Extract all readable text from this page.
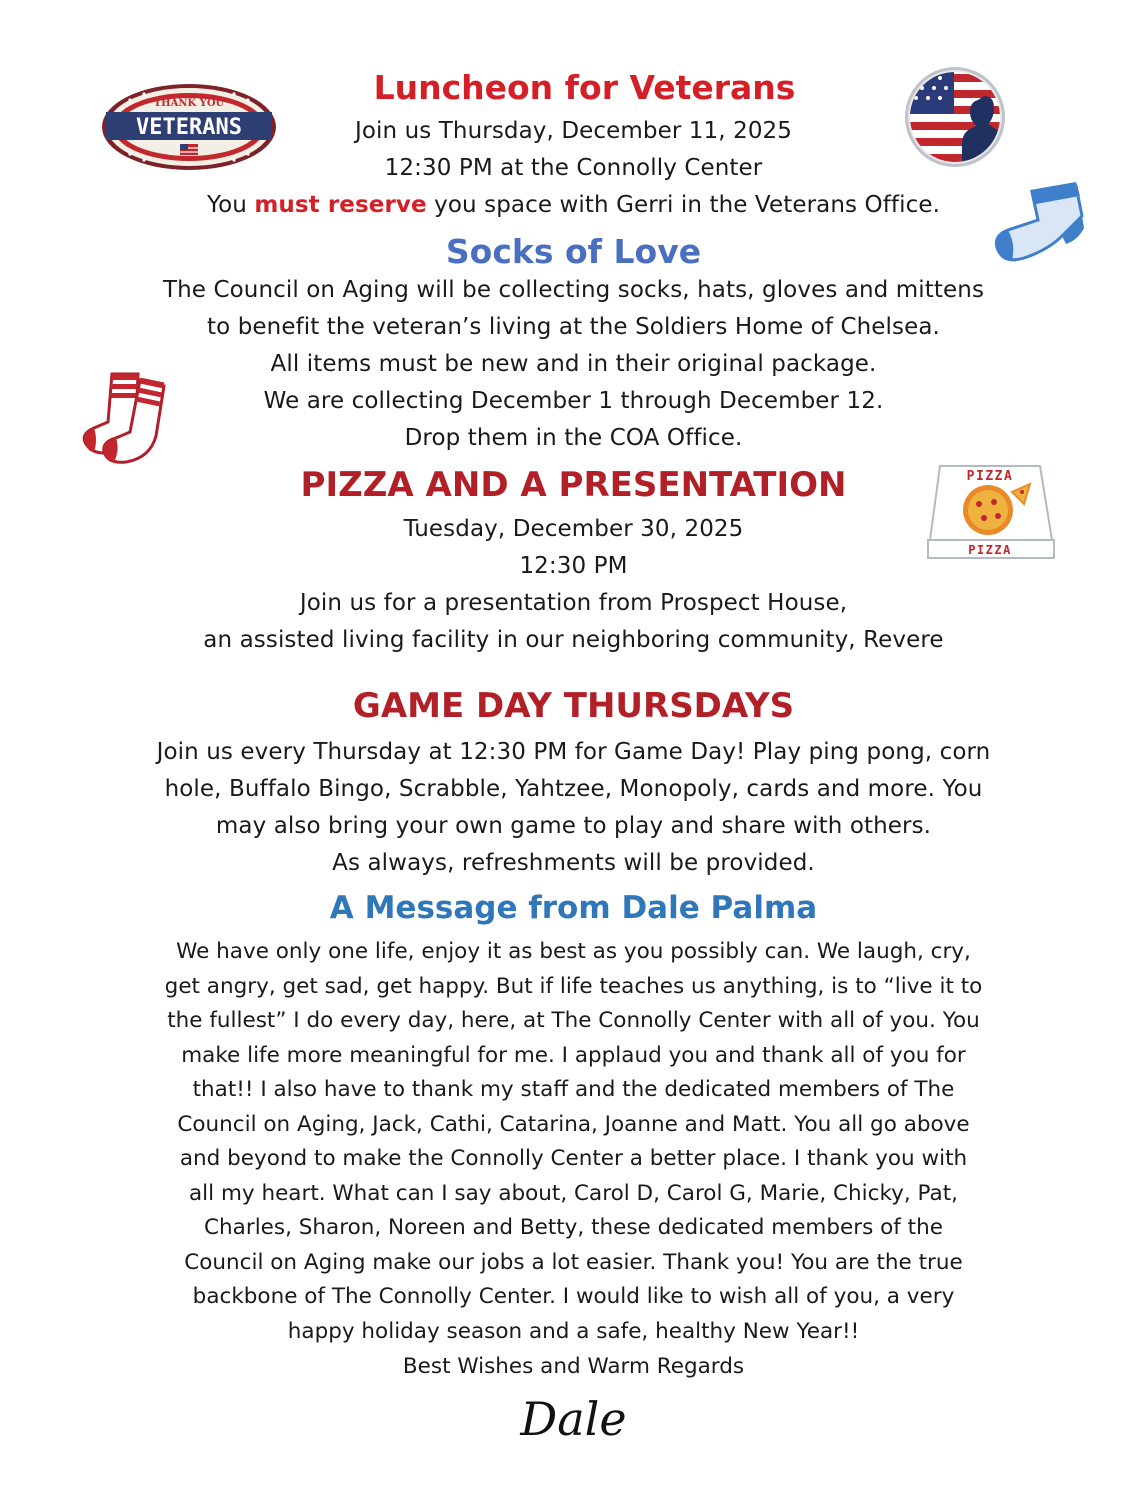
THANK YOU
VETERANS
PIZZA
PIZZA
Luncheon for Veterans
Join us Thursday, December 11, 2025
12:30 PM at the Connolly Center
You must reserve you space with Gerri in the Veterans Office.
Socks of Love
The Council on Aging will be collecting socks, hats, gloves and mittens
to benefit the veteran’s living at the Soldiers Home of Chelsea.
All items must be new and in their original package.
We are collecting December 1 through December 12.
Drop them in the COA Office.
PIZZA AND A PRESENTATION
Tuesday, December 30, 2025
12:30 PM
Join us for a presentation from Prospect House,
an assisted living facility in our neighboring community, Revere
GAME DAY THURSDAYS
Join us every Thursday at 12:30 PM for Game Day! Play ping pong, corn
hole, Buffalo Bingo, Scrabble, Yahtzee, Monopoly, cards and more. You
may also bring your own game to play and share with others.
As always, refreshments will be provided.
A Message from Dale Palma
We have only one life, enjoy it as best as you possibly can. We laugh, cry,
get angry, get sad, get happy. But if life teaches us anything, is to “live it to
the fullest” I do every day, here, at The Connolly Center with all of you. You
make life more meaningful for me. I applaud you and thank all of you for
that!! I also have to thank my staff and the dedicated members of The
Council on Aging, Jack, Cathi, Catarina, Joanne and Matt. You all go above
and beyond to make the Connolly Center a better place. I thank you with
all my heart. What can I say about, Carol D, Carol G, Marie, Chicky, Pat,
Charles, Sharon, Noreen and Betty, these dedicated members of the
Council on Aging make our jobs a lot easier. Thank you! You are the true
backbone of The Connolly Center. I would like to wish all of you, a very
happy holiday season and a safe, healthy New Year!!
Best Wishes and Warm Regards
Dale
